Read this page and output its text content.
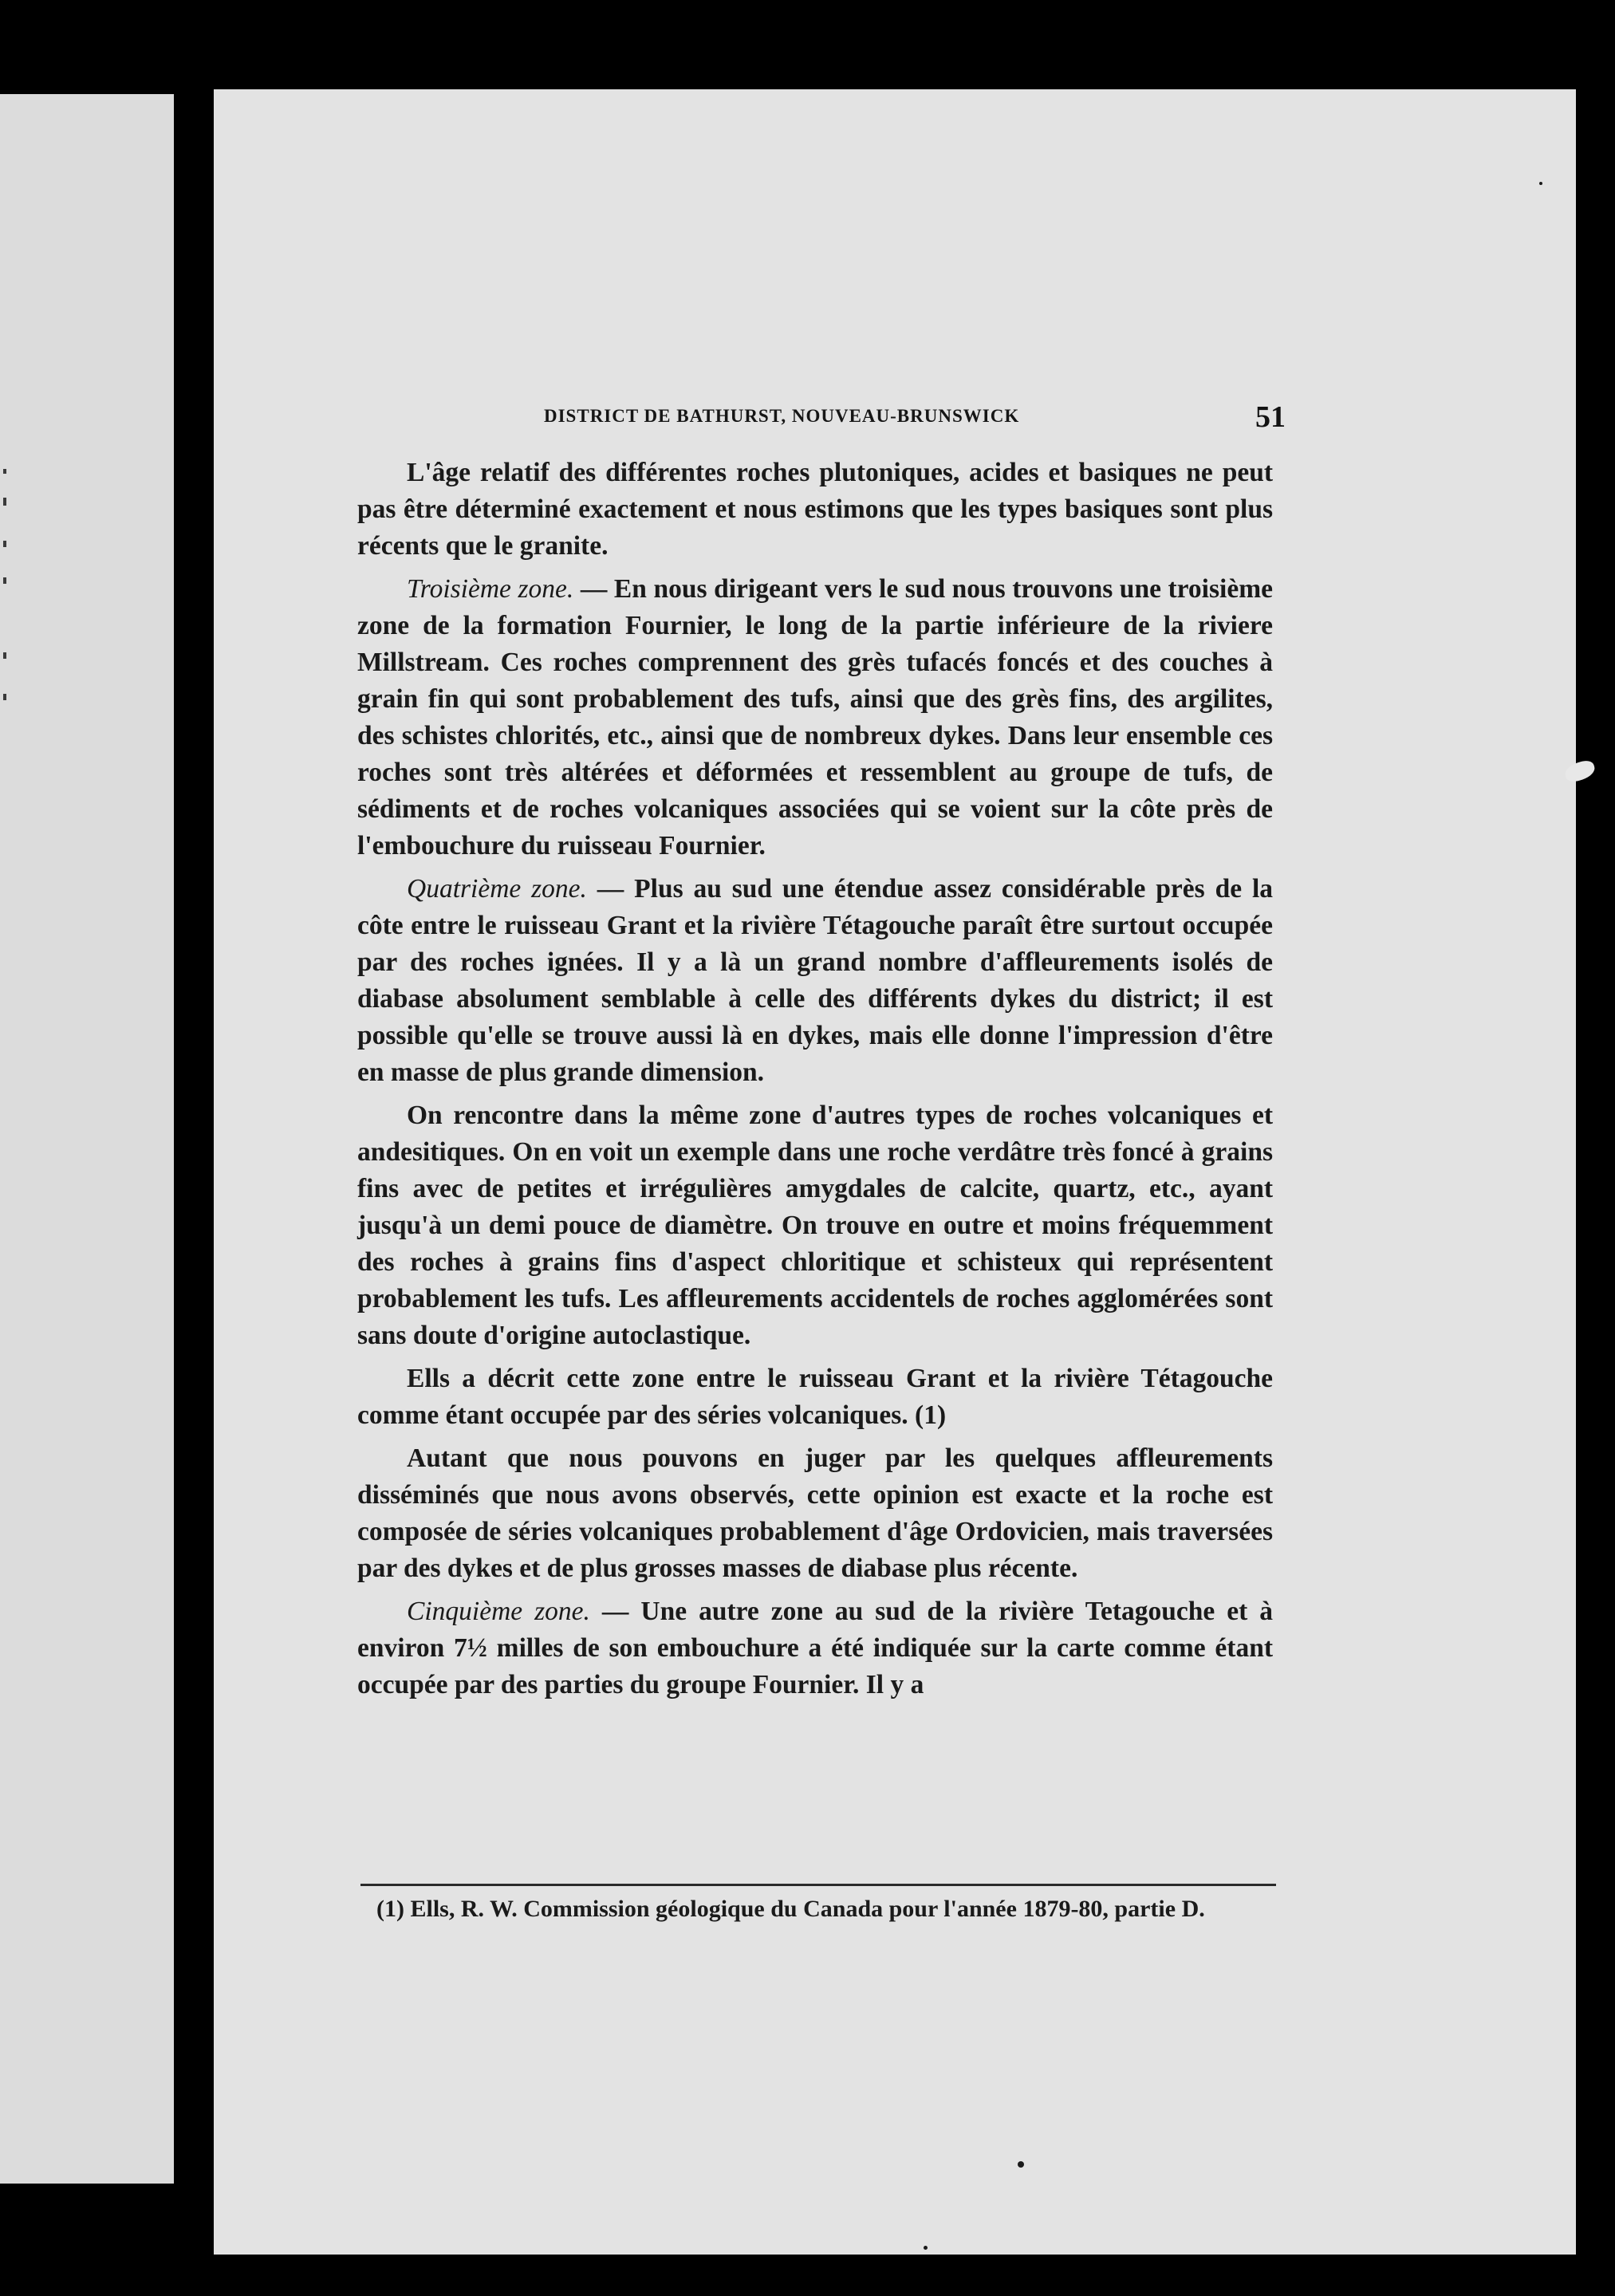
DISTRICT DE BATHURST, NOUVEAU-BRUNSWICK	51

L'âge relatif des différentes roches plutoniques, acides et basiques ne peut pas être déterminé exactement et nous estimons que les types basiques sont plus récents que le granite.

Troisième zone. — En nous dirigeant vers le sud nous trouvons une troisième zone de la formation Fournier, le long de la partie inférieure de la riviere Millstream. Ces roches comprennent des grès tufacés foncés et des couches à grain fin qui sont probablement des tufs, ainsi que des grès fins, des argilites, des schistes chlorités, etc., ainsi que de nombreux dykes. Dans leur ensemble ces roches sont très altérées et déformées et ressemblent au groupe de tufs, de sédiments et de roches volcaniques associées qui se voient sur la côte près de l'embouchure du ruisseau Fournier.

Quatrième zone. — Plus au sud une étendue assez considérable près de la côte entre le ruisseau Grant et la rivière Tétagouche paraît être surtout occupée par des roches ignées. Il y a là un grand nombre d'affleurements isolés de diabase absolument semblable à celle des différents dykes du district; il est possible qu'elle se trouve aussi là en dykes, mais elle donne l'impression d'être en masse de plus grande dimension.

On rencontre dans la même zone d'autres types de roches volcaniques et andesitiques. On en voit un exemple dans une roche verdâtre très foncé à grains fins avec de petites et irrégulières amygdales de calcite, quartz, etc., ayant jusqu'à un demi pouce de diamètre. On trouve en outre et moins fréquemment des roches à grains fins d'aspect chloritique et schisteux qui représentent probablement les tufs. Les affleurements accidentels de roches agglomérées sont sans doute d'origine autoclastique.

Ells a décrit cette zone entre le ruisseau Grant et la rivière Tétagouche comme étant occupée par des séries volcaniques. (1)

Autant que nous pouvons en juger par les quelques affleurements disséminés que nous avons observés, cette opinion est exacte et la roche est composée de séries volcaniques probablement d'âge Ordovicien, mais traversées par des dykes et de plus grosses masses de diabase plus récente.

Cinquième zone. — Une autre zone au sud de la rivière Tetagouche et à environ 7½ milles de son embouchure a été indiquée sur la carte comme étant occupée par des parties du groupe Fournier. Il y a

(1) Ells, R. W. Commission géologique du Canada pour l'année 1879-80, partie D.
